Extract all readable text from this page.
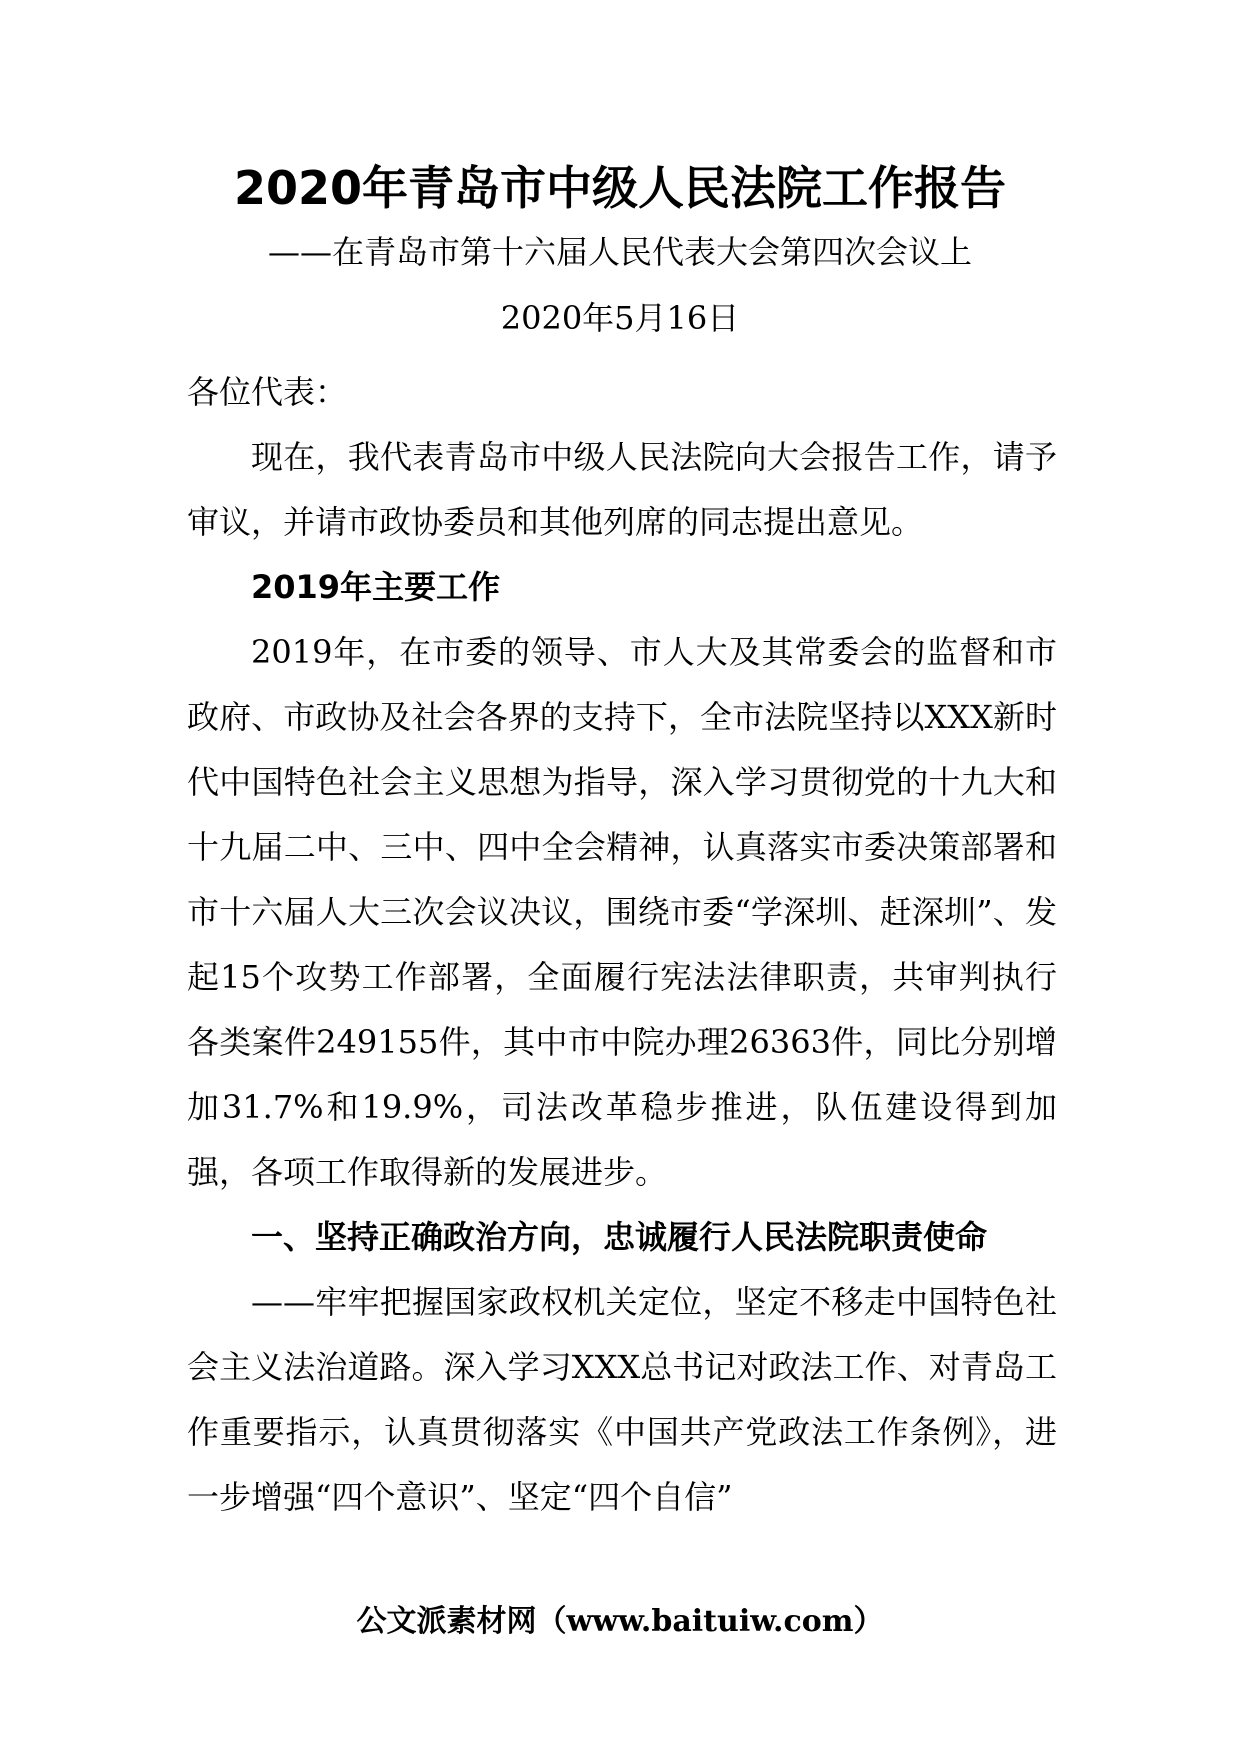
2020年青岛市中级人民法院工作报告
——在青岛市第十六届人民代表大会第四次会议上
2020年5月16日

各位代表：

现在，我代表青岛市中级人民法院向大会报告工作，请予审议，并请市政协委员和其他列席的同志提出意见。

2019年主要工作

2019年，在市委的领导、市人大及其常委会的监督和市政府、市政协及社会各界的支持下，全市法院坚持以XXX新时代中国特色社会主义思想为指导，深入学习贯彻党的十九大和十九届二中、三中、四中全会精神，认真落实市委决策部署和市十六届人大三次会议决议，围绕市委“学深圳、赶深圳”、发起15个攻势工作部署，全面履行宪法法律职责，共审判执行各类案件249155件，其中市中院办理26363件，同比分别增加31.7%和19.9%，司法改革稳步推进，队伍建设得到加强，各项工作取得新的发展进步。

一、坚持正确政治方向，忠诚履行人民法院职责使命

——牢牢把握国家政权机关定位，坚定不移走中国特色社会主义法治道路。深入学习XXX总书记对政法工作、对青岛工作重要指示，认真贯彻落实《中国共产党政法工作条例》，进一步增强“四个意识”、坚定“四个自信”

公文派素材网（www.baituiw.com）
